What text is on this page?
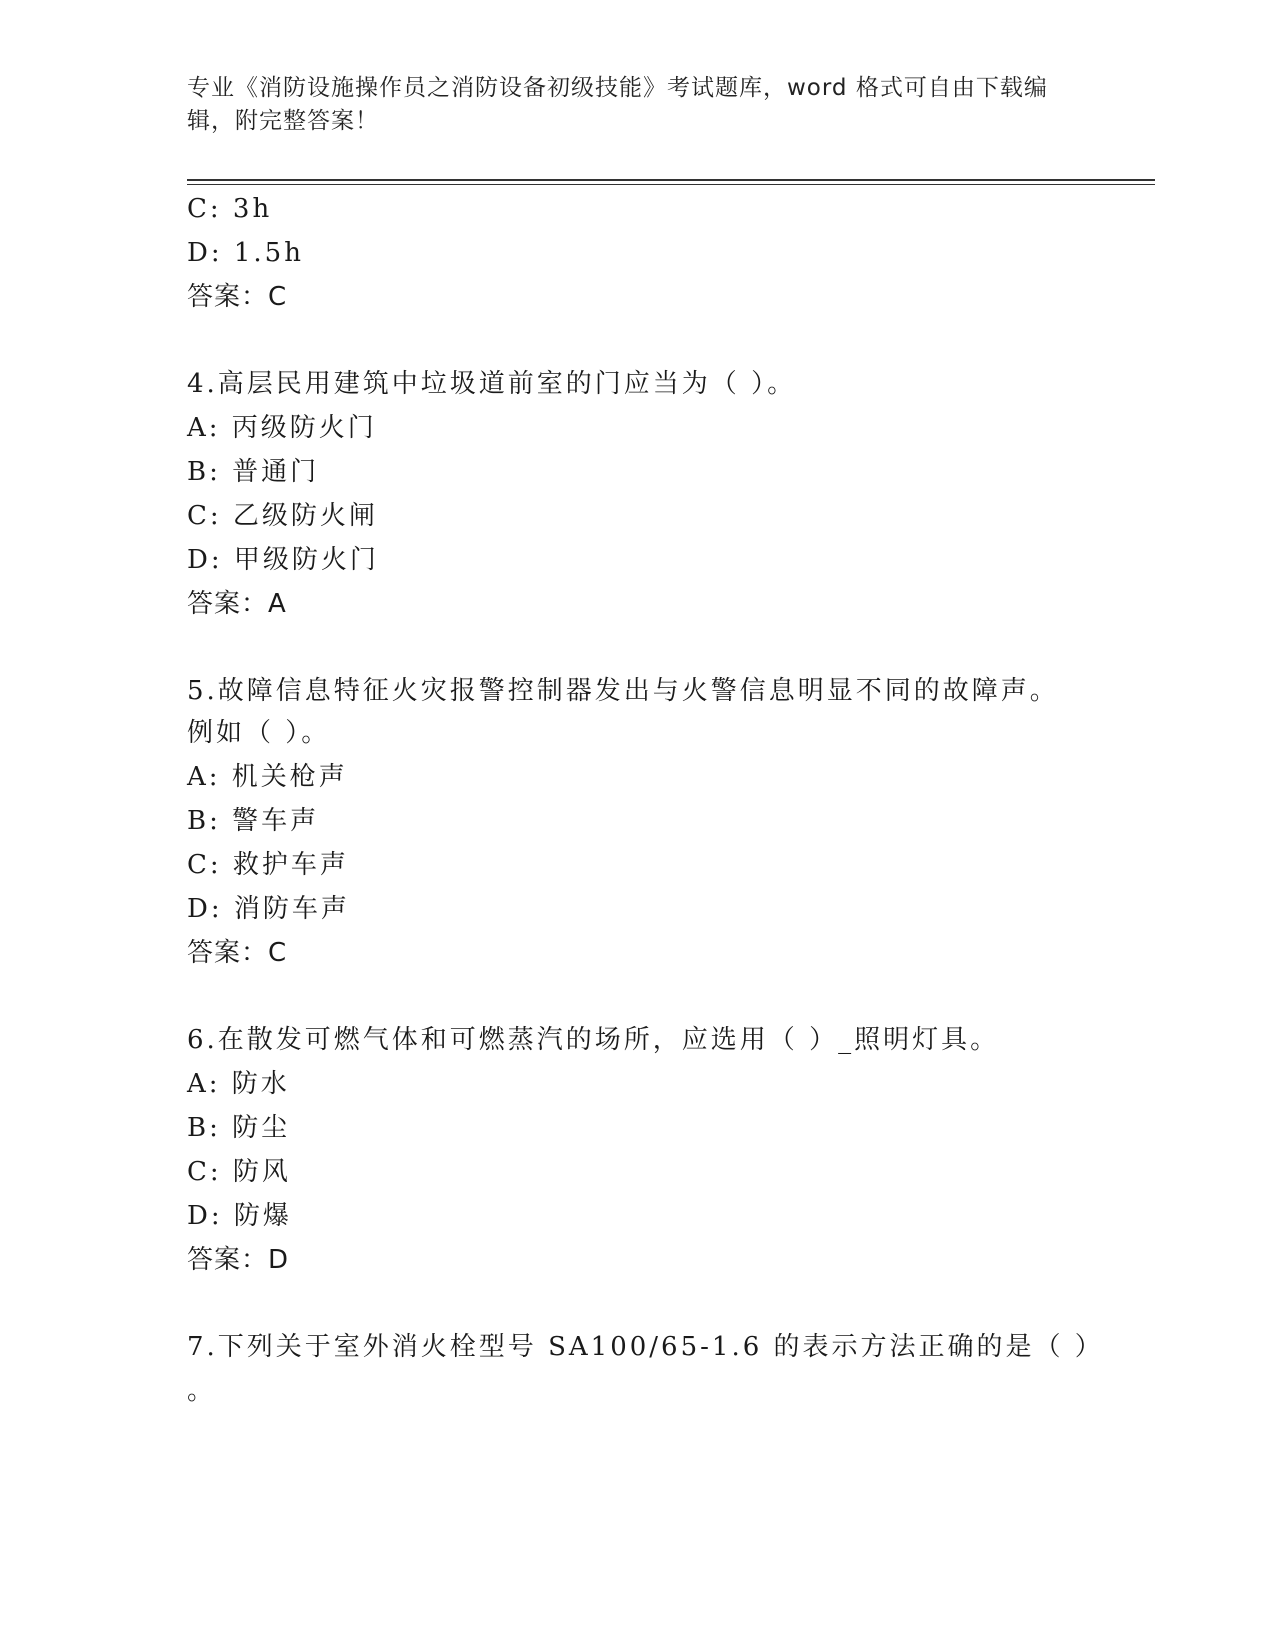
专业《消防设施操作员之消防设备初级技能》考试题库，word 格式可自由下载编
辑，附完整答案！
C: 3h
D: 1.5h
答案：C
4.高层民用建筑中垃圾道前室的门应当为（ ）。
A: 丙级防火门
B: 普通门
C: 乙级防火闸
D: 甲级防火门
答案：A
5.故障信息特征火灾报警控制器发出与火警信息明显不同的故障声。
例如（ ）。
A: 机关枪声
B: 警车声
C: 救护车声
D: 消防车声
答案：C
6.在散发可燃气体和可燃蒸汽的场所，应选用（ ）_照明灯具。
A: 防水
B: 防尘
C: 防风
D: 防爆
答案：D
7.下列关于室外消火栓型号 SA100/65-1.6 的表示方法正确的是（ ）
。
